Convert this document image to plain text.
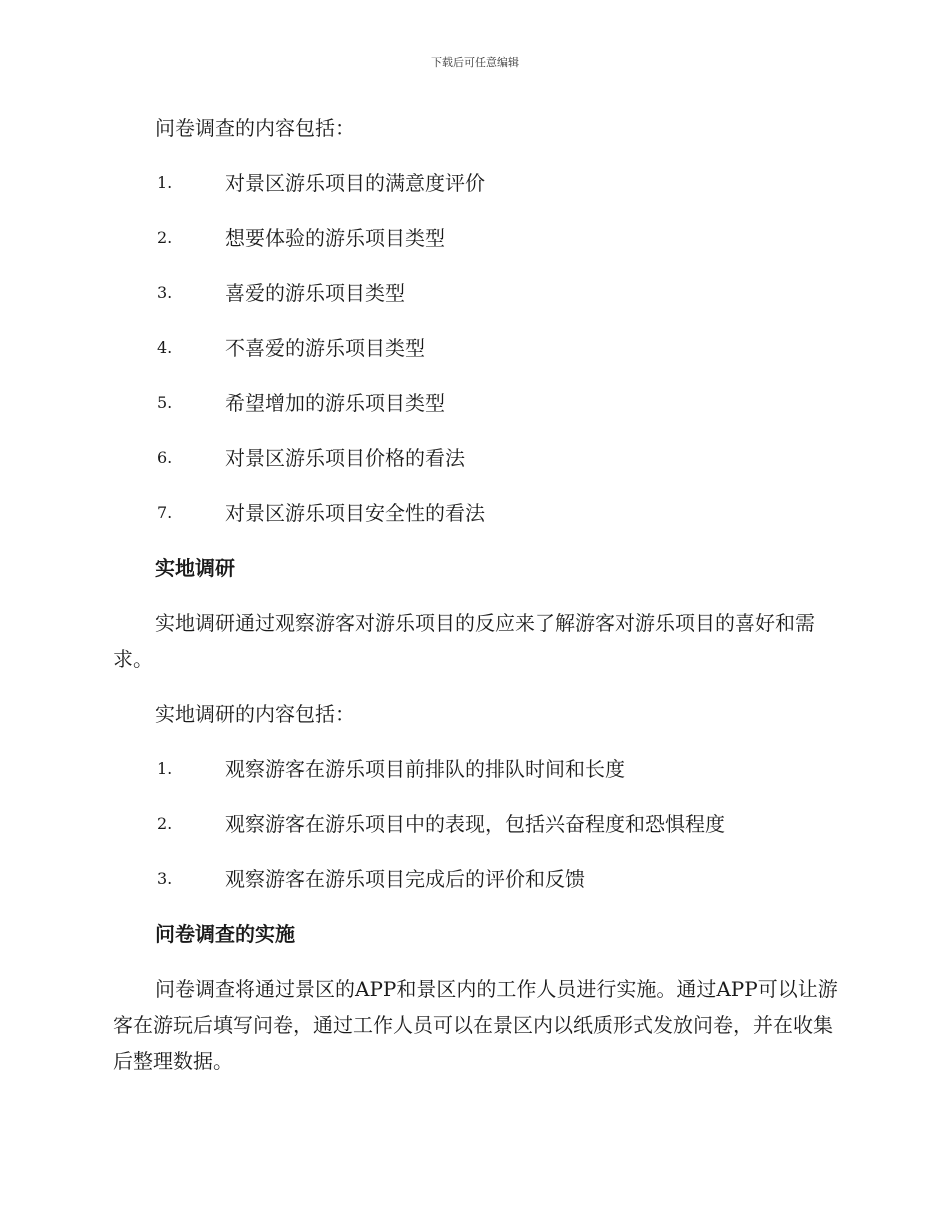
下载后可任意编辑

问卷调查的内容包括：

1.	对景区游乐项目的满意度评价
2.	想要体验的游乐项目类型
3.	喜爱的游乐项目类型
4.	不喜爱的游乐项目类型
5.	希望增加的游乐项目类型
6.	对景区游乐项目价格的看法
7.	对景区游乐项目安全性的看法
实地调研

实地调研通过观察游客对游乐项目的反应来了解游客对游乐项目的喜好和需求。

实地调研的内容包括：

1.	观察游客在游乐项目前排队的排队时间和长度
2.	观察游客在游乐项目中的表现，包括兴奋程度和恐惧程度
3.	观察游客在游乐项目完成后的评价和反馈
问卷调查的实施

问卷调查将通过景区的APP和景区内的工作人员进行实施。通过APP可以让游客在游玩后填写问卷，通过工作人员可以在景区内以纸质形式发放问卷，并在收集后整理数据。
